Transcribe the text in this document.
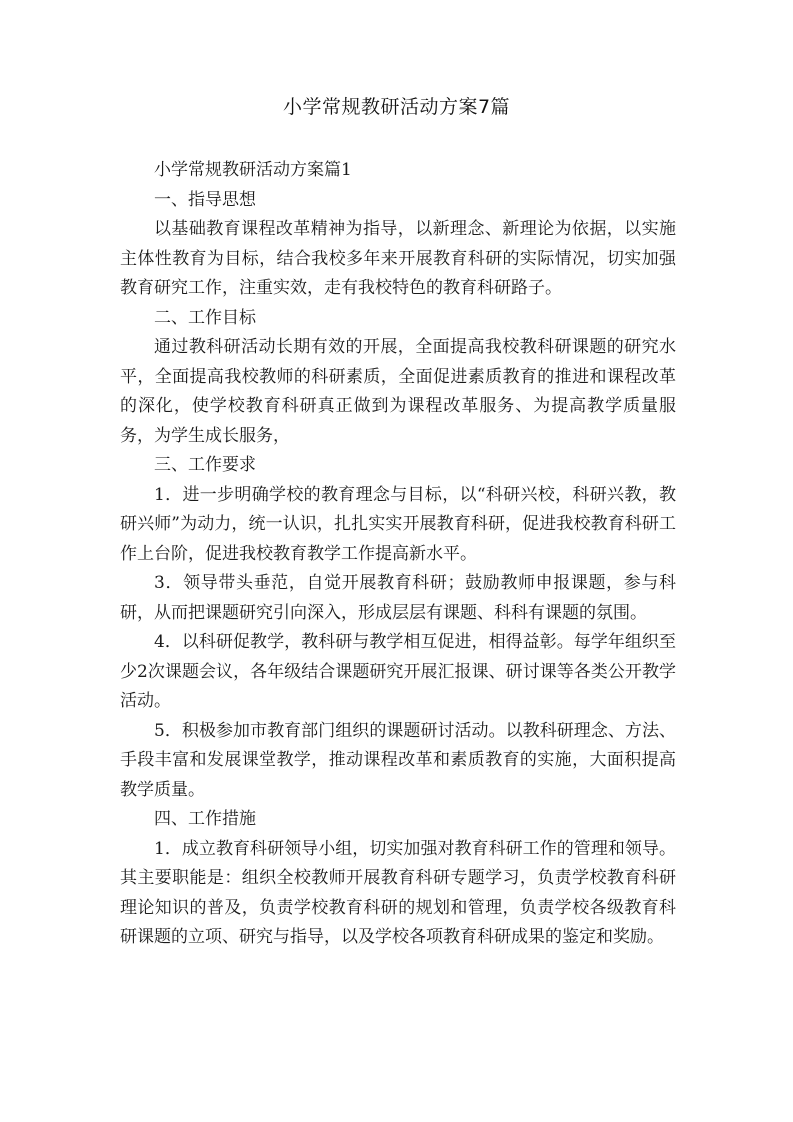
小学常规教研活动方案7篇

小学常规教研活动方案篇1

一、指导思想

以基础教育课程改革精神为指导，以新理念、新理论为依据，以实施主体性教育为目标，结合我校多年来开展教育科研的实际情况，切实加强教育研究工作，注重实效，走有我校特色的教育科研路子。

二、工作目标

通过教科研活动长期有效的开展，全面提高我校教科研课题的研究水平，全面提高我校教师的科研素质，全面促进素质教育的推进和课程改革的深化，使学校教育科研真正做到为课程改革服务、为提高教学质量服务，为学生成长服务，

三、工作要求

1．进一步明确学校的教育理念与目标，以“科研兴校，科研兴教，教研兴师”为动力，统一认识，扎扎实实开展教育科研，促进我校教育科研工作上台阶，促进我校教育教学工作提高新水平。

3．领导带头垂范，自觉开展教育科研；鼓励教师申报课题，参与科研，从而把课题研究引向深入，形成层层有课题、科科有课题的氛围。

4．以科研促教学，教科研与教学相互促进，相得益彰。每学年组织至少2次课题会议，各年级结合课题研究开展汇报课、研讨课等各类公开教学活动。

5．积极参加市教育部门组织的课题研讨活动。以教科研理念、方法、手段丰富和发展课堂教学，推动课程改革和素质教育的实施，大面积提高教学质量。

四、工作措施

1．成立教育科研领导小组，切实加强对教育科研工作的管理和领导。其主要职能是：组织全校教师开展教育科研专题学习，负责学校教育科研理论知识的普及，负责学校教育科研的规划和管理，负责学校各级教育科研课题的立项、研究与指导，以及学校各项教育科研成果的鉴定和奖励。
